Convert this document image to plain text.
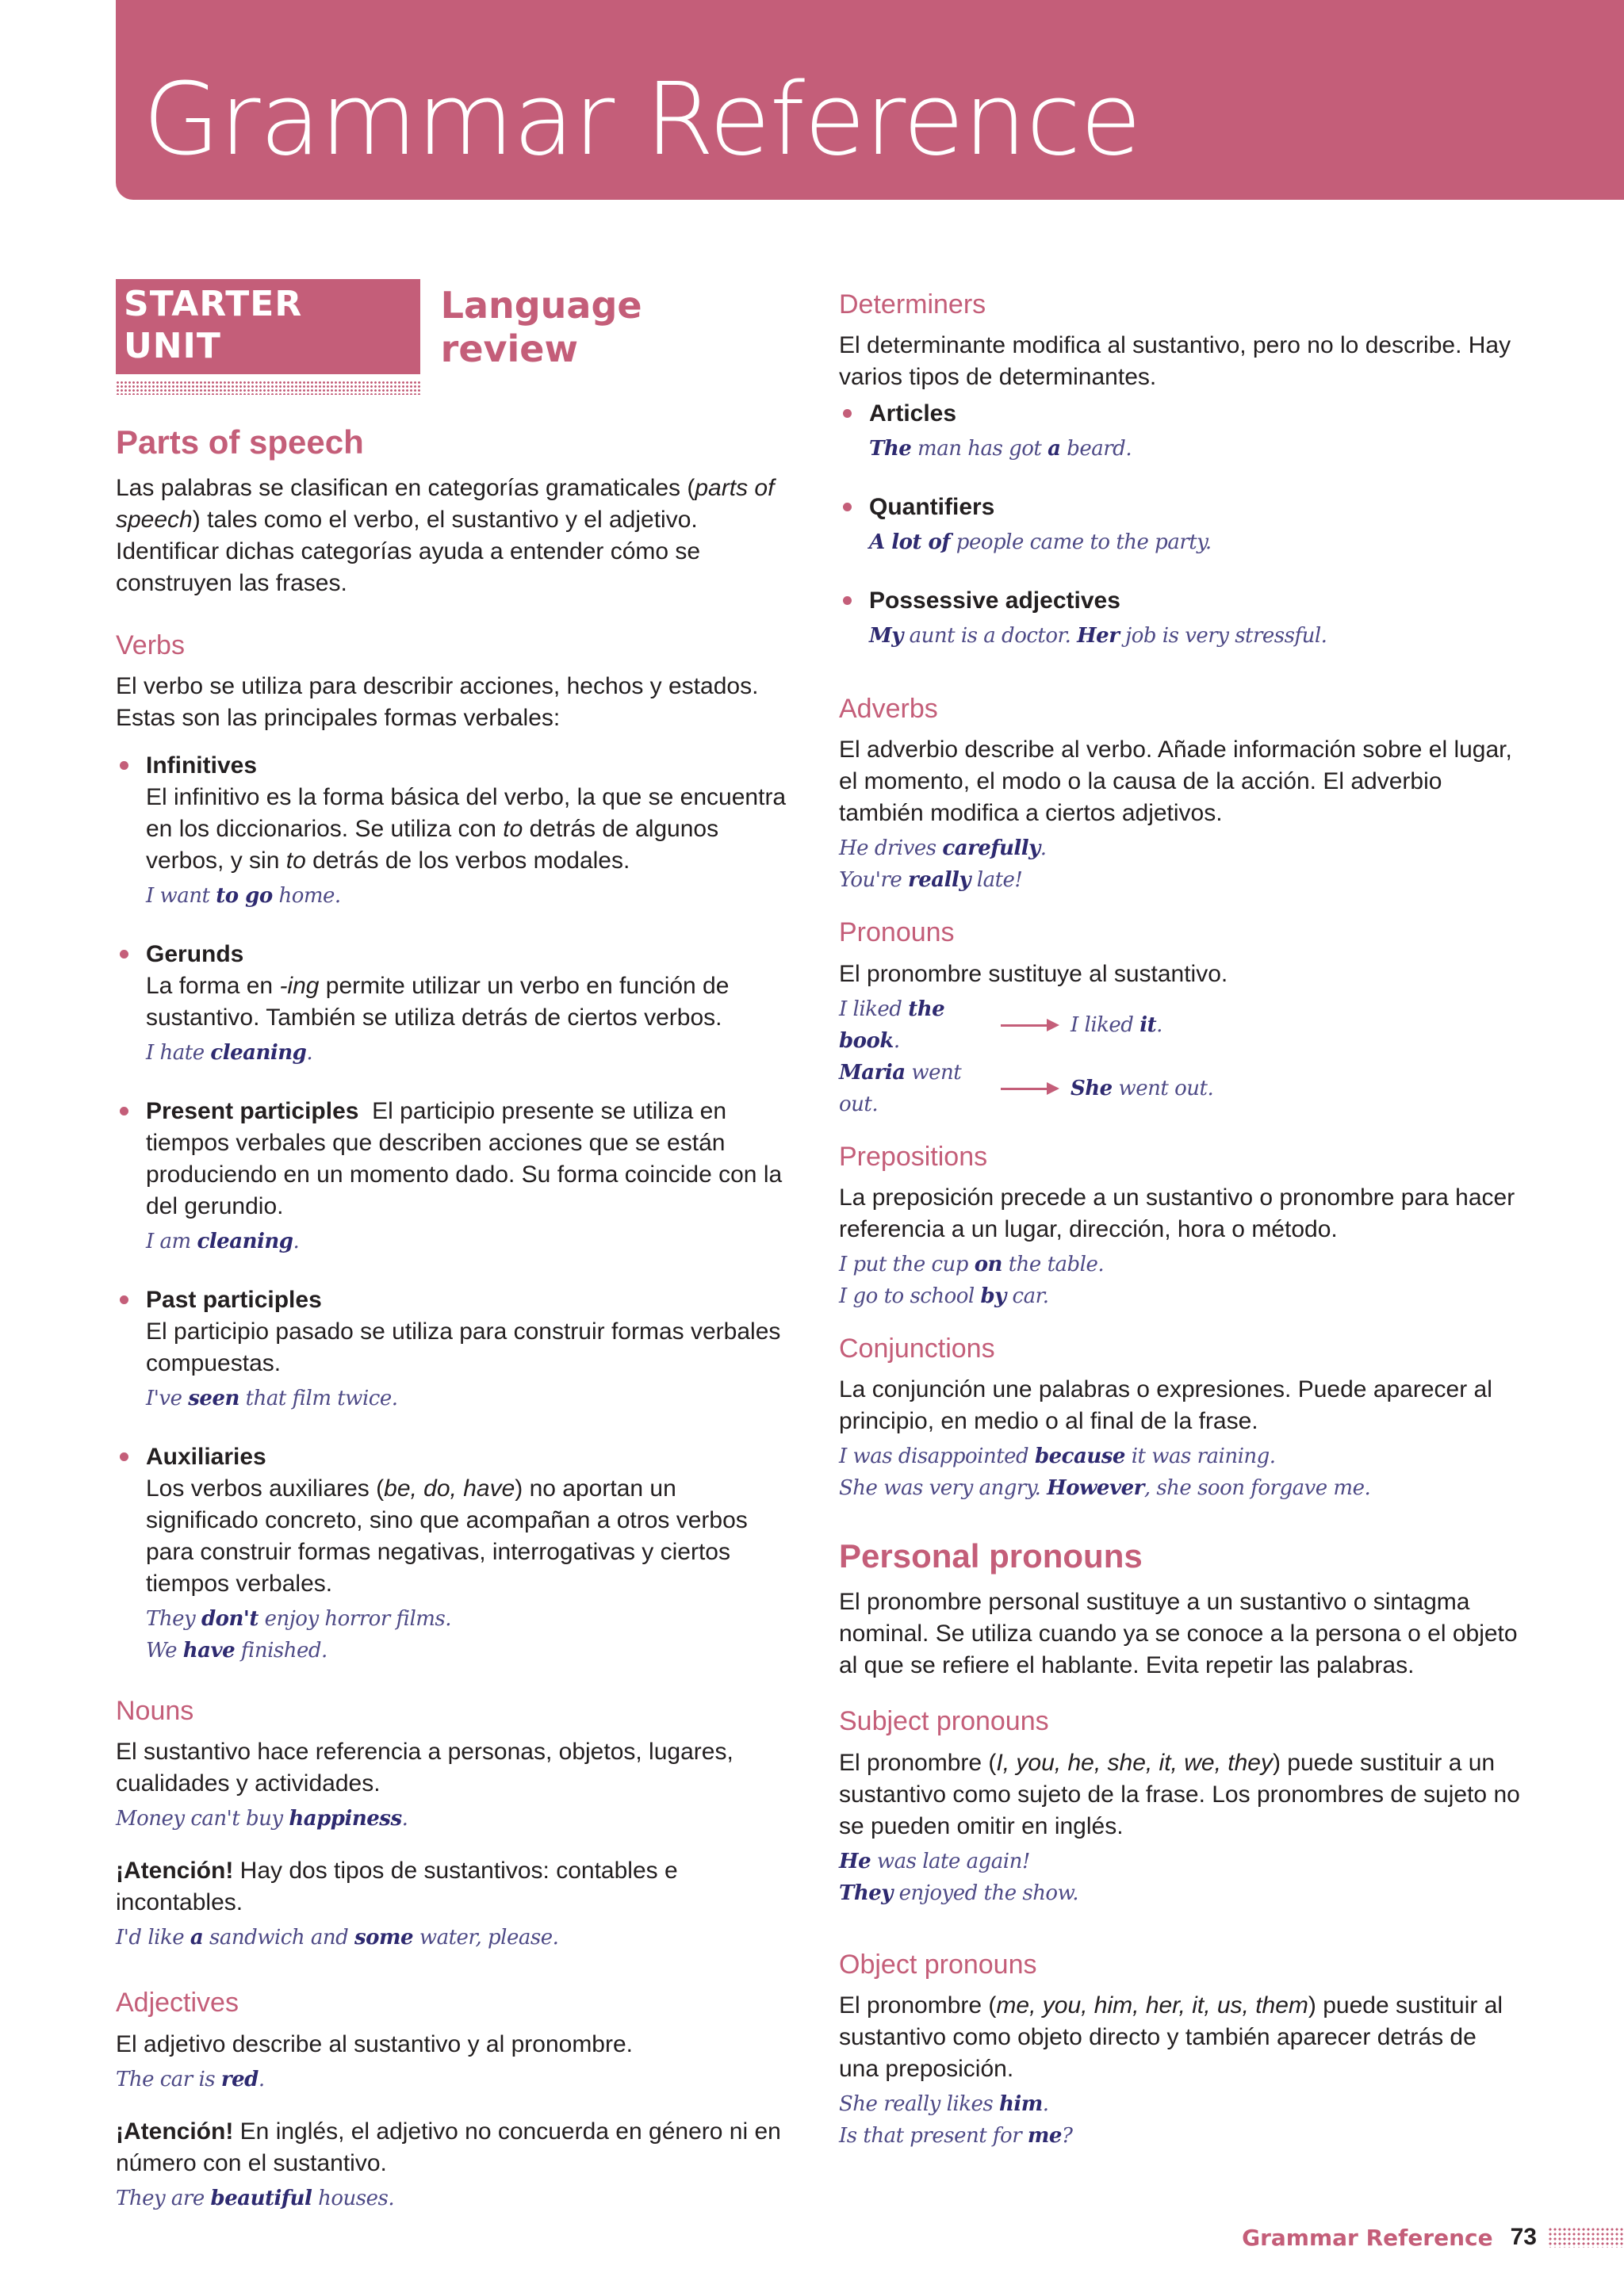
Grammar Reference
STARTER UNIT
Language review
Parts of speech

Las palabras se clasifican en categorías gramaticales (parts of speech) tales como el verbo, el sustantivo y el adjetivo. Identificar dichas categorías ayuda a entender cómo se construyen las frases.

Verbs

El verbo se utiliza para describir acciones, hechos y estados. Estas son las principales formas verbales:

Infinitives

El infinitivo es la forma básica del verbo, la que se encuentra en los diccionarios. Se utiliza con to detrás de algunos verbos, y sin to detrás de los verbos modales.

I want to go home.

Gerunds

La forma en -ing permite utilizar un verbo en función de sustantivo. También se utiliza detrás de ciertos verbos.

I hate cleaning.

Present participles  El participio presente se utiliza en tiempos verbales que describen acciones que se están produciendo en un momento dado. Su forma coincide con la del gerundio.

I am cleaning.

Past participles

El participio pasado se utiliza para construir formas verbales compuestas.

I've seen that film twice.

Auxiliaries

Los verbos auxiliares (be, do, have) no aportan un significado concreto, sino que acompañan a otros verbos para construir formas negativas, interrogativas y ciertos tiempos verbales.

They don't enjoy horror films.
We have finished.

Nouns

El sustantivo hace referencia a personas, objetos, lugares, cualidades y actividades.

Money can't buy happiness.

¡Atención! Hay dos tipos de sustantivos: contables e incontables.

I'd like a sandwich and some water, please.

Adjectives

El adjetivo describe al sustantivo y al pronombre.

The car is red.

¡Atención! En inglés, el adjetivo no concuerda en género ni en número con el sustantivo.

They are beautiful houses.

Determiners

El determinante modifica al sustantivo, pero no lo describe. Hay varios tipos de determinantes.

Articles

The man has got a beard.

Quantifiers

A lot of people came to the party.

Possessive adjectives

My aunt is a doctor. Her job is very stressful.

Adverbs

El adverbio describe al verbo. Añade información sobre el lugar, el momento, el modo o la causa de la acción. El adverbio también modifica a ciertos adjetivos.

He drives carefully.
You're really late!

Pronouns

El pronombre sustituye al sustantivo.

I liked the book.
I liked it.
Maria went out.
She went out.
Prepositions

La preposición precede a un sustantivo o pronombre para hacer referencia a un lugar, dirección, hora o método.

I put the cup on the table.
I go to school by car.

Conjunctions

La conjunción une palabras o expresiones. Puede aparecer al principio, en medio o al final de la frase.

I was disappointed because it was raining.
She was very angry. However, she soon forgave me.

Personal pronouns

El pronombre personal sustituye a un sustantivo o sintagma nominal. Se utiliza cuando ya se conoce a la persona o el objeto al que se refiere el hablante. Evita repetir las palabras.

Subject pronouns

El pronombre (I, you, he, she, it, we, they) puede sustituir a un sustantivo como sujeto de la frase. Los pronombres de sujeto no se pueden omitir en inglés.

He was late again!
They enjoyed the show.

Object pronouns

El pronombre (me, you, him, her, it, us, them) puede sustituir al sustantivo como objeto directo y también aparecer detrás de una preposición.

She really likes him.
Is that present for me?

Grammar Reference 73
